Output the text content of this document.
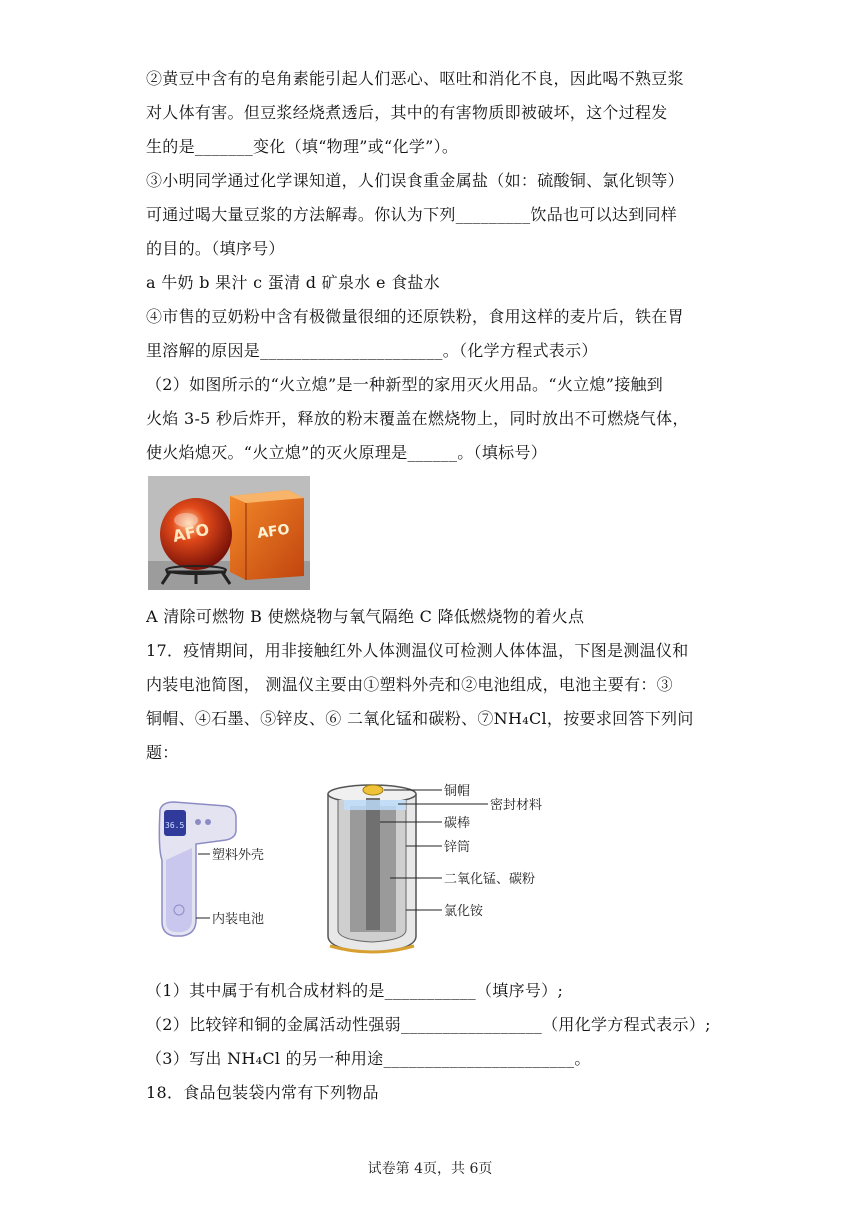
②黄豆中含有的皂角素能引起人们恶心、呕吐和消化不良，因此喝不熟豆浆
对人体有害。但豆浆经烧煮透后，其中的有害物质即被破坏，这个过程发
生的是_______变化（填“物理”或“化学”）。
③小明同学通过化学课知道，人们误食重金属盐（如：硫酸铜、氯化钡等）
可通过喝大量豆浆的方法解毒。你认为下列_________饮品也可以达到同样
的目的。（填序号）
a 牛奶 b 果汁 c 蛋清 d 矿泉水 e 食盐水
④市售的豆奶粉中含有极微量很细的还原铁粉，食用这样的麦片后，铁在胃
里溶解的原因是______________________。（化学方程式表示）
（2）如图所示的“火立熄”是一种新型的家用灭火用品。“火立熄”接触到
火焰 3-5 秒后炸开，释放的粉末覆盖在燃烧物上，同时放出不可燃烧气体，
使火焰熄灭。“火立熄”的灭火原理是______。（填标号）
AFO
AFO
A 清除可燃物 B 使燃烧物与氧气隔绝 C 降低燃烧物的着火点
17．疫情期间，用非接触红外人体测温仪可检测人体体温，下图是测温仪和
内装电池简图， 测温仪主要由①塑料外壳和②电池组成，电池主要有：③
铜帽、④石墨、⑤锌皮、⑥ 二氧化锰和碳粉、⑦NH₄Cl，按要求回答下列问
题：
36.5
塑料外壳
内装电池
铜帽
密封材料
碳棒
锌筒
二氧化锰、碳粉
氯化铵
（1）其中属于有机合成材料的是___________（填序号）;
（2）比较锌和铜的金属活动性强弱_________________（用化学方程式表示）;
（3）写出 NH₄Cl 的另一种用途_______________________。
18．食品包装袋内常有下列物品
试卷第 4页，共 6页
